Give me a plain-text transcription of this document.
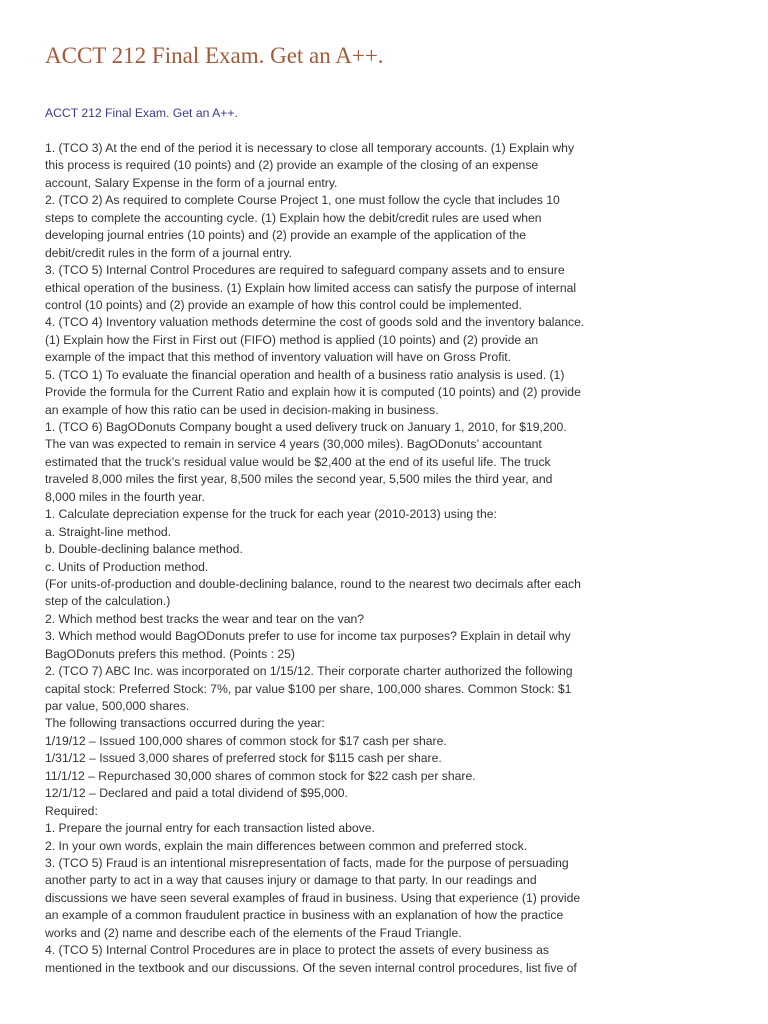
ACCT 212 Final Exam. Get an A++.
ACCT 212 Final Exam. Get an A++.
1. (TCO 3) At the end of the period it is necessary to close all temporary accounts. (1) Explain why
this process is required (10 points) and (2) provide an example of the closing of an expense
account, Salary Expense in the form of a journal entry.
2. (TCO 2) As required to complete Course Project 1, one must follow the cycle that includes 10
steps to complete the accounting cycle. (1) Explain how the debit/credit rules are used when
developing journal entries (10 points) and (2) provide an example of the application of the
debit/credit rules in the form of a journal entry.
3. (TCO 5) Internal Control Procedures are required to safeguard company assets and to ensure
ethical operation of the business. (1) Explain how limited access can satisfy the purpose of internal
control (10 points) and (2) provide an example of how this control could be implemented.
4. (TCO 4) Inventory valuation methods determine the cost of goods sold and the inventory balance.
(1) Explain how the First in First out (FIFO) method is applied (10 points) and (2) provide an
example of the impact that this method of inventory valuation will have on Gross Profit.
5. (TCO 1) To evaluate the financial operation and health of a business ratio analysis is used. (1)
Provide the formula for the Current Ratio and explain how it is computed (10 points) and (2) provide
an example of how this ratio can be used in decision-making in business.
1. (TCO 6) BagODonuts Company bought a used delivery truck on January 1, 2010, for $19,200.
The van was expected to remain in service 4 years (30,000 miles). BagODonuts’ accountant
estimated that the truck’s residual value would be $2,400 at the end of its useful life. The truck
traveled 8,000 miles the first year, 8,500 miles the second year, 5,500 miles the third year, and
8,000 miles in the fourth year.
1. Calculate depreciation expense for the truck for each year (2010-2013) using the:
a. Straight-line method.
b. Double-declining balance method.
c. Units of Production method.
(For units-of-production and double-declining balance, round to the nearest two decimals after each
step of the calculation.)
2. Which method best tracks the wear and tear on the van?
3. Which method would BagODonuts prefer to use for income tax purposes? Explain in detail why
BagODonuts prefers this method. (Points : 25)
2. (TCO 7) ABC Inc. was incorporated on 1/15/12. Their corporate charter authorized the following
capital stock: Preferred Stock: 7%, par value $100 per share, 100,000 shares. Common Stock: $1
par value, 500,000 shares.
The following transactions occurred during the year:
1/19/12 – Issued 100,000 shares of common stock for $17 cash per share.
1/31/12 – Issued 3,000 shares of preferred stock for $115 cash per share.
11/1/12 – Repurchased 30,000 shares of common stock for $22 cash per share.
12/1/12 – Declared and paid a total dividend of $95,000.
Required:
1. Prepare the journal entry for each transaction listed above.
2. In your own words, explain the main differences between common and preferred stock.
3. (TCO 5) Fraud is an intentional misrepresentation of facts, made for the purpose of persuading
another party to act in a way that causes injury or damage to that party. In our readings and
discussions we have seen several examples of fraud in business. Using that experience (1) provide
an example of a common fraudulent practice in business with an explanation of how the practice
works and (2) name and describe each of the elements of the Fraud Triangle.
4. (TCO 5) Internal Control Procedures are in place to protect the assets of every business as
mentioned in the textbook and our discussions. Of the seven internal control procedures, list five of
